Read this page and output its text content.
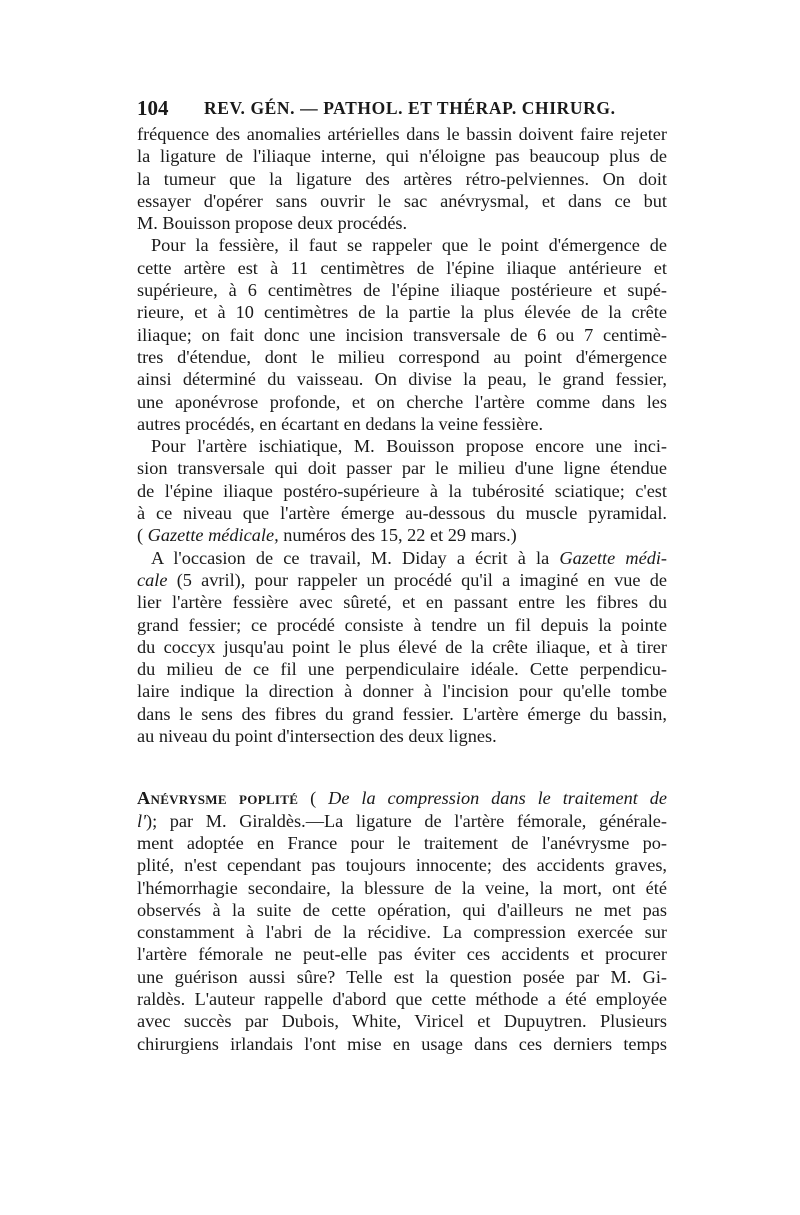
104 REV. GÉN. — PATHOL. ET THÉRAP. CHIRURG.
fréquence des anomalies artérielles dans le bassin doivent faire rejeter
la ligature de l'iliaque interne, qui n'éloigne pas beaucoup plus de
la tumeur que la ligature des artères rétro-pelviennes. On doit
essayer d'opérer sans ouvrir le sac anévrysmal, et dans ce but
M. Bouisson propose deux procédés.
Pour la fessière, il faut se rappeler que le point d'émergence de
cette artère est à 11 centimètres de l'épine iliaque antérieure et
supérieure, à 6 centimètres de l'épine iliaque postérieure et supé-
rieure, et à 10 centimètres de la partie la plus élevée de la crête
iliaque; on fait donc une incision transversale de 6 ou 7 centimè-
tres d'étendue, dont le milieu correspond au point d'émergence
ainsi déterminé du vaisseau. On divise la peau, le grand fessier,
une aponévrose profonde, et on cherche l'artère comme dans les
autres procédés, en écartant en dedans la veine fessière.
Pour l'artère ischiatique, M. Bouisson propose encore une inci-
sion transversale qui doit passer par le milieu d'une ligne étendue
de l'épine iliaque postéro-supérieure à la tubérosité sciatique; c'est
à ce niveau que l'artère émerge au-dessous du muscle pyramidal.
( Gazette médicale, numéros des 15, 22 et 29 mars.)
A l'occasion de ce travail, M. Diday a écrit à la Gazette médi-
cale (5 avril), pour rappeler un procédé qu'il a imaginé en vue de
lier l'artère fessière avec sûreté, et en passant entre les fibres du
grand fessier; ce procédé consiste à tendre un fil depuis la pointe
du coccyx jusqu'au point le plus élevé de la crête iliaque, et à tirer
du milieu de ce fil une perpendiculaire idéale. Cette perpendicu-
laire indique la direction à donner à l'incision pour qu'elle tombe
dans le sens des fibres du grand fessier. L'artère émerge du bassin,
au niveau du point d'intersection des deux lignes.
Anévrysme poplité ( De la compression dans le traitement de
l'); par M. Giraldès.—La ligature de l'artère fémorale, générale-
ment adoptée en France pour le traitement de l'anévrysme po-
plité, n'est cependant pas toujours innocente; des accidents graves,
l'hémorrhagie secondaire, la blessure de la veine, la mort, ont été
observés à la suite de cette opération, qui d'ailleurs ne met pas
constamment à l'abri de la récidive. La compression exercée sur
l'artère fémorale ne peut-elle pas éviter ces accidents et procurer
une guérison aussi sûre? Telle est la question posée par M. Gi-
raldès. L'auteur rappelle d'abord que cette méthode a été employée
avec succès par Dubois, White, Viricel et Dupuytren. Plusieurs
chirurgiens irlandais l'ont mise en usage dans ces derniers temps
